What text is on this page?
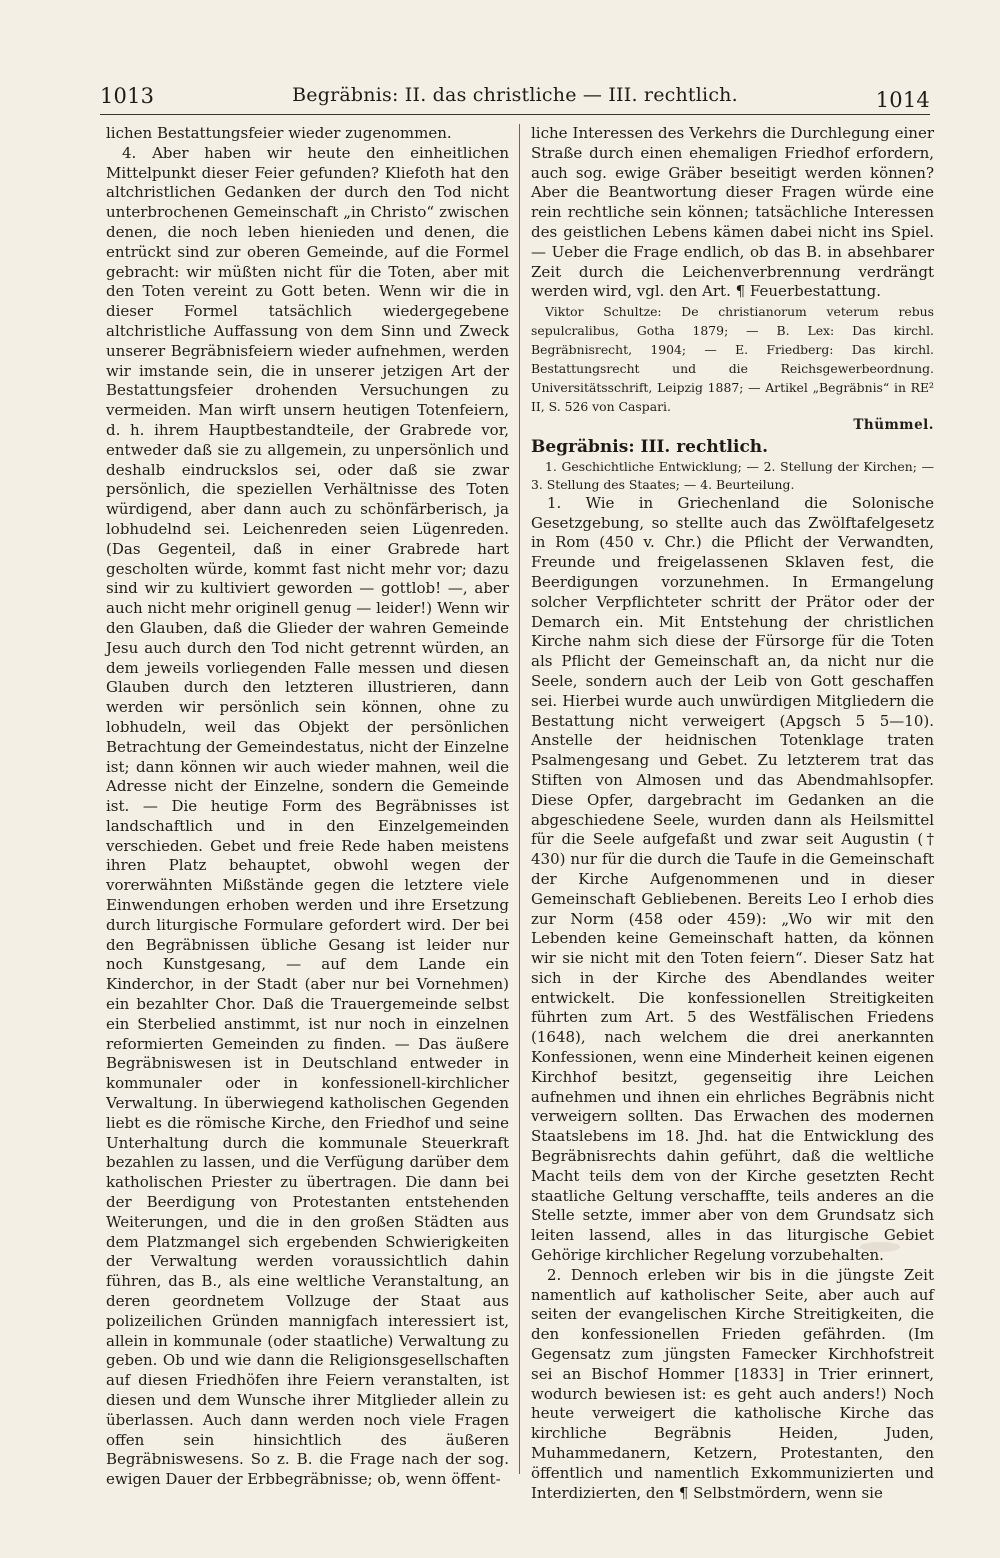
1013	Begräbnis: II. das christliche — III. rechtlich.	1014

lichen Bestattungsfeier wieder zugenommen.

4. Aber haben wir heute den einheitlichen Mittelpunkt dieser Feier gefunden? Kliefoth hat den altchristlichen Gedanken der durch den Tod nicht unterbrochenen Gemeinschaft „in Christo“ zwischen denen, die noch leben hienieden und denen, die entrückt sind zur oberen Gemeinde, auf die Formel gebracht: wir müßten nicht für die Toten, aber mit den Toten vereint zu Gott beten. Wenn wir die in dieser Formel tatsächlich wiedergegebene altchristliche Auffassung von dem Sinn und Zweck unserer Begräbnisfeiern wieder aufnehmen, werden wir imstande sein, die in unserer jetzigen Art der Bestattungsfeier drohenden Versuchungen zu vermeiden. Man wirft unsern heutigen Totenfeiern, d. h. ihrem Hauptbestandteile, der Grabrede vor, entweder daß sie zu allgemein, zu unpersönlich und deshalb eindruckslos sei, oder daß sie zwar persönlich, die speziellen Verhältnisse des Toten würdigend, aber dann auch zu schönfärberisch, ja lobhudelnd sei. Leichenreden seien Lügenreden. (Das Gegenteil, daß in einer Grabrede hart gescholten würde, kommt fast nicht mehr vor; dazu sind wir zu kultiviert geworden — gottlob! —, aber auch nicht mehr originell genug — leider!) Wenn wir den Glauben, daß die Glieder der wahren Gemeinde Jesu auch durch den Tod nicht getrennt würden, an dem jeweils vorliegenden Falle messen und diesen Glauben durch den letzteren illustrieren, dann werden wir persönlich sein können, ohne zu lobhudeln, weil das Objekt der persönlichen Betrachtung der Gemeindestatus, nicht der Einzelne ist; dann können wir auch wieder mahnen, weil die Adresse nicht der Einzelne, sondern die Gemeinde ist. — Die heutige Form des Begräbnisses ist landschaftlich und in den Einzelgemeinden verschieden. Gebet und freie Rede haben meistens ihren Platz behauptet, obwohl wegen der vorerwähnten Mißstände gegen die letztere viele Einwendungen erhoben werden und ihre Ersetzung durch liturgische Formulare gefordert wird. Der bei den Begräbnissen übliche Gesang ist leider nur noch Kunstgesang, — auf dem Lande ein Kinderchor, in der Stadt (aber nur bei Vornehmen) ein bezahlter Chor. Daß die Trauergemeinde selbst ein Sterbelied anstimmt, ist nur noch in einzelnen reformierten Gemeinden zu finden. — Das äußere Begräbniswesen ist in Deutschland entweder in kommunaler oder in konfessionell-kirchlicher Verwaltung. In überwiegend katholischen Gegenden liebt es die römische Kirche, den Friedhof und seine Unterhaltung durch die kommunale Steuerkraft bezahlen zu lassen, und die Verfügung darüber dem katholischen Priester zu übertragen. Die dann bei der Beerdigung von Protestanten entstehenden Weiterungen, und die in den großen Städten aus dem Platzmangel sich ergebenden Schwierigkeiten der Verwaltung werden voraussichtlich dahin führen, das B., als eine weltliche Veranstaltung, an deren geordnetem Vollzuge der Staat aus polizeilichen Gründen mannigfach interessiert ist, allein in kommunale (oder staatliche) Verwaltung zu geben. Ob und wie dann die Religionsgesellschaften auf diesen Friedhöfen ihre Feiern veranstalten, ist diesen und dem Wunsche ihrer Mitglieder allein zu überlassen. Auch dann werden noch viele Fragen offen sein hinsichtlich des äußeren Begräbniswesens. So z. B. die Frage nach der sog. ewigen Dauer der Erbbegräbnisse; ob, wenn öffent-

liche Interessen des Verkehrs die Durchlegung einer Straße durch einen ehemaligen Friedhof erfordern, auch sog. ewige Gräber beseitigt werden können? Aber die Beantwortung dieser Fragen würde eine rein rechtliche sein können; tatsächliche Interessen des geistlichen Lebens kämen dabei nicht ins Spiel. — Ueber die Frage endlich, ob das B. in absehbarer Zeit durch die Leichenverbrennung verdrängt werden wird, vgl. den Art. ¶ Feuerbestattung.

Viktor Schultze: De christianorum veterum rebus sepulcralibus, Gotha 1879; — B. Lex: Das kirchl. Begräbnisrecht, 1904; — E. Friedberg: Das kirchl. Bestattungsrecht und die Reichsgewerbeordnung. Universitätsschrift, Leipzig 1887; — Artikel „Begräbnis“ in RE² II, S. 526 von Caspari.

Thümmel.

Begräbnis: III. rechtlich.

1. Geschichtliche Entwicklung; — 2. Stellung der Kirchen; — 3. Stellung des Staates; — 4. Beurteilung.

1. Wie in Griechenland die Solonische Gesetzgebung, so stellte auch das Zwölftafelgesetz in Rom (450 v. Chr.) die Pflicht der Verwandten, Freunde und freigelassenen Sklaven fest, die Beerdigungen vorzunehmen. In Ermangelung solcher Verpflichteter schritt der Prätor oder der Demarch ein. Mit Entstehung der christlichen Kirche nahm sich diese der Fürsorge für die Toten als Pflicht der Gemeinschaft an, da nicht nur die Seele, sondern auch der Leib von Gott geschaffen sei. Hierbei wurde auch unwürdigen Mitgliedern die Bestattung nicht verweigert (Apgsch 5 5—10). Anstelle der heidnischen Totenklage traten Psalmengesang und Gebet. Zu letzterem trat das Stiften von Almosen und das Abendmahlsopfer. Diese Opfer, dargebracht im Gedanken an die abgeschiedene Seele, wurden dann als Heilsmittel für die Seele aufgefaßt und zwar seit Augustin († 430) nur für die durch die Taufe in die Gemeinschaft der Kirche Aufgenommenen und in dieser Gemeinschaft Gebliebenen. Bereits Leo I erhob dies zur Norm (458 oder 459): „Wo wir mit den Lebenden keine Gemeinschaft hatten, da können wir sie nicht mit den Toten feiern“. Dieser Satz hat sich in der Kirche des Abendlandes weiter entwickelt. Die konfessionellen Streitigkeiten führten zum Art. 5 des Westfälischen Friedens (1648), nach welchem die drei anerkannten Konfessionen, wenn eine Minderheit keinen eigenen Kirchhof besitzt, gegenseitig ihre Leichen aufnehmen und ihnen ein ehrliches Begräbnis nicht verweigern sollten. Das Erwachen des modernen Staatslebens im 18. Jhd. hat die Entwicklung des Begräbnisrechts dahin geführt, daß die weltliche Macht teils dem von der Kirche gesetzten Recht staatliche Geltung verschaffte, teils anderes an die Stelle setzte, immer aber von dem Grundsatz sich leiten lassend, alles in das liturgische Gebiet Gehörige kirchlicher Regelung vorzubehalten.

2. Dennoch erleben wir bis in die jüngste Zeit namentlich auf katholischer Seite, aber auch auf seiten der evangelischen Kirche Streitigkeiten, die den konfessionellen Frieden gefährden. (Im Gegensatz zum jüngsten Famecker Kirchhofstreit sei an Bischof Hommer [1833] in Trier erinnert, wodurch bewiesen ist: es geht auch anders!) Noch heute verweigert die katholische Kirche das kirchliche Begräbnis Heiden, Juden, Muhammedanern, Ketzern, Protestanten, den öffentlich und namentlich Exkommunizierten und Interdizierten, den ¶ Selbstmördern, wenn sie
